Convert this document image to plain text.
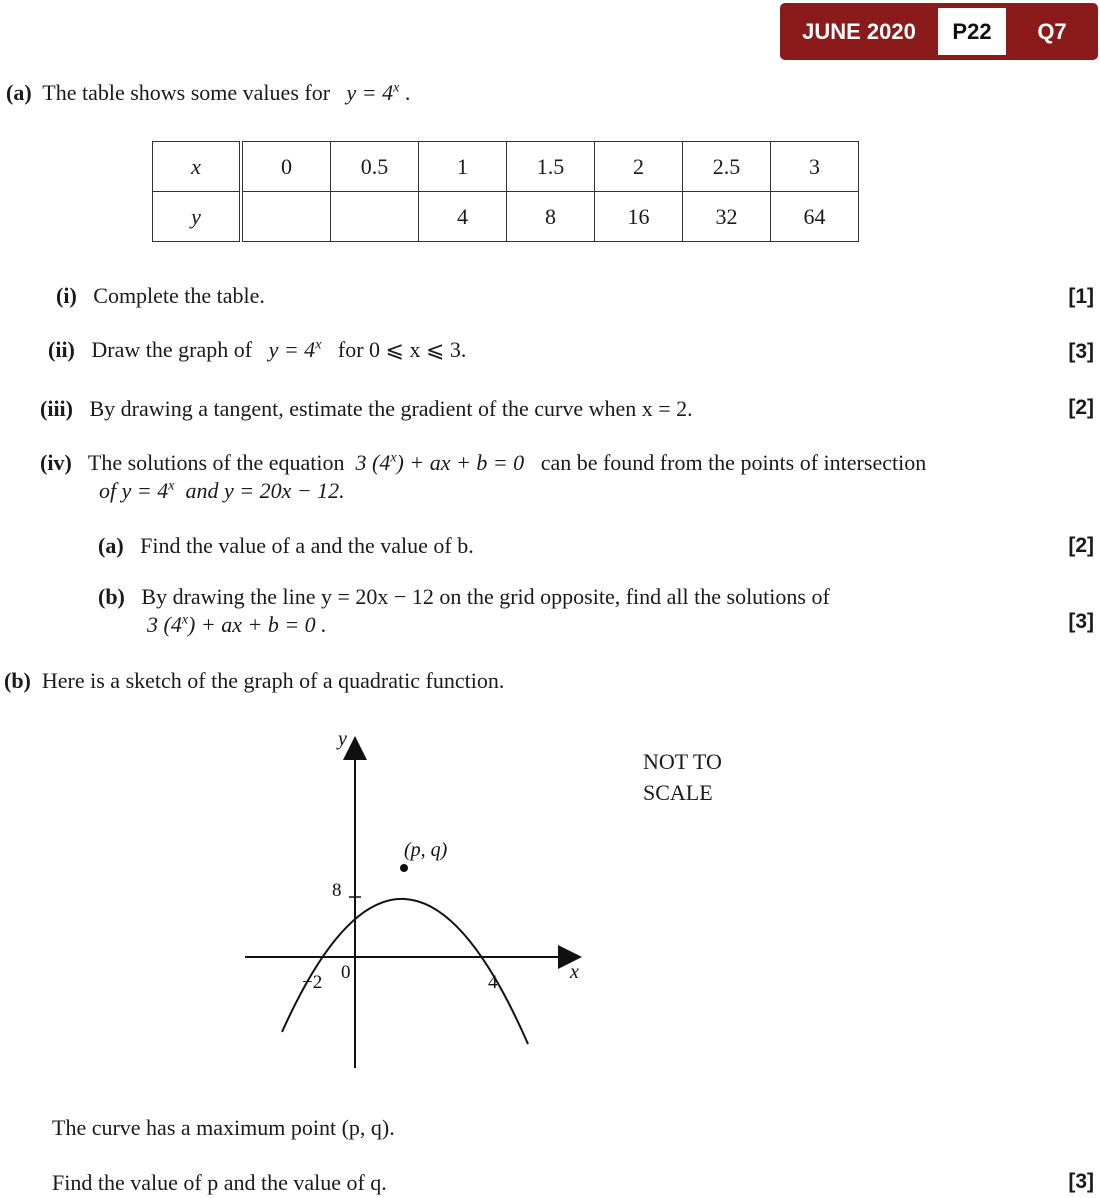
JUNE 2020	P22	Q7
(a) The table shows some values for $y = 4^x$ .
x	0	0.5	1	1.5	2	2.5	3
y			4	8	16	32	64
(i) Complete the table.	[1]
(ii) Draw the graph of $y = 4^x$ for 0 ⩽ x ⩽ 3.	[3]
(iii) By drawing a tangent, estimate the gradient of the curve when x = 2.	[2]
(iv) The solutions of the equation 3 $(4^x)$ + ax + b = 0 can be found from the points of intersection
of $y = 4^x$ and y = 20x − 12.
(a) Find the value of a and the value of b.	[2]
(b) By drawing the line y = 20x − 12 on the grid opposite, find all the solutions of
3 $(4^x)$ + ax + b = 0 .	[3]
(b) Here is a sketch of the graph of a quadratic function.
y
x
8
0
−2	4
(p, q)
NOT TO
SCALE
The curve has a maximum point (p, q).
Find the value of p and the value of q.	[3]
